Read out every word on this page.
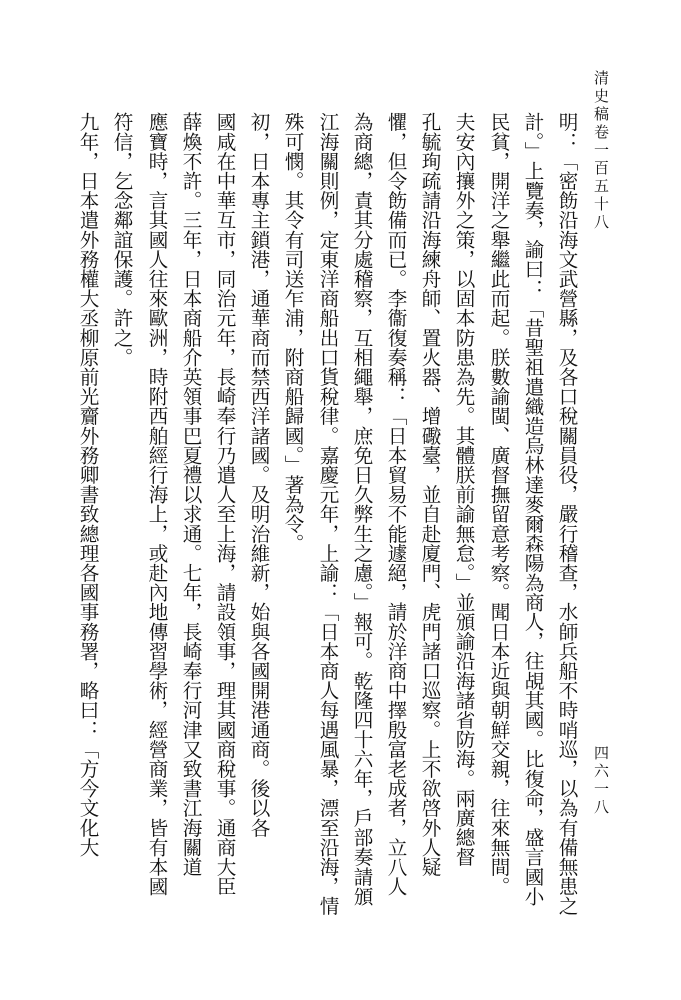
清史稿卷一百五十八
四六一八
明：「密飭沿海文武營縣，及各口稅關員役，嚴行稽查，水師兵船不時哨巡，以為有備無患之
計。」上覽奏，諭曰：「昔聖祖遣織造烏林達麥爾森陽為商人，往覘其國。比復命，盛言國小
民貧，開洋之舉繼此而起。朕數諭閩、廣督撫留意考察。聞日本近與朝鮮交親，往來無間。
夫安內攘外之策，以固本防患為先。其體朕前諭無怠。」並頒諭沿海諸省防海。兩廣總督
孔毓珣疏請沿海練舟師、置火器、增礮臺，並自赴廈門、虎門諸口巡察。上不欲啓外人疑
懼，但令飭備而已。李衞復奏稱：「日本貿易不能遽絕，請於洋商中擇殷富老成者，立八人
為商總，責其分處稽察，互相繩舉，庶免日久弊生之慮。」報可。乾隆四十六年，戶部奏請頒
江海關則例，定東洋商船出口貨稅律。嘉慶元年，上諭：「日本商人每遇風暴，漂至沿海，情
殊可憫。其令有司送乍浦，附商船歸國。」著為令。
初，日本專主鎖港，通華商而禁西洋諸國。及明治維新，始與各國開港通商。後以各
國咸在中華互市，同治元年，長崎奉行乃遣人至上海，請設領事，理其國商稅事。通商大臣
薛煥不許。三年，日本商船介英領事巴夏禮以求通。七年，長崎奉行河津又致書江海關道
應寶時，言其國人往來歐洲，時附西舶經行海上，或赴內地傳習學術，經營商業，皆有本國
符信，乞念鄰誼保護。許之。
九年，日本遣外務權大丞柳原前光齎外務卿書致總理各國事務署，略曰：「方今文化大
